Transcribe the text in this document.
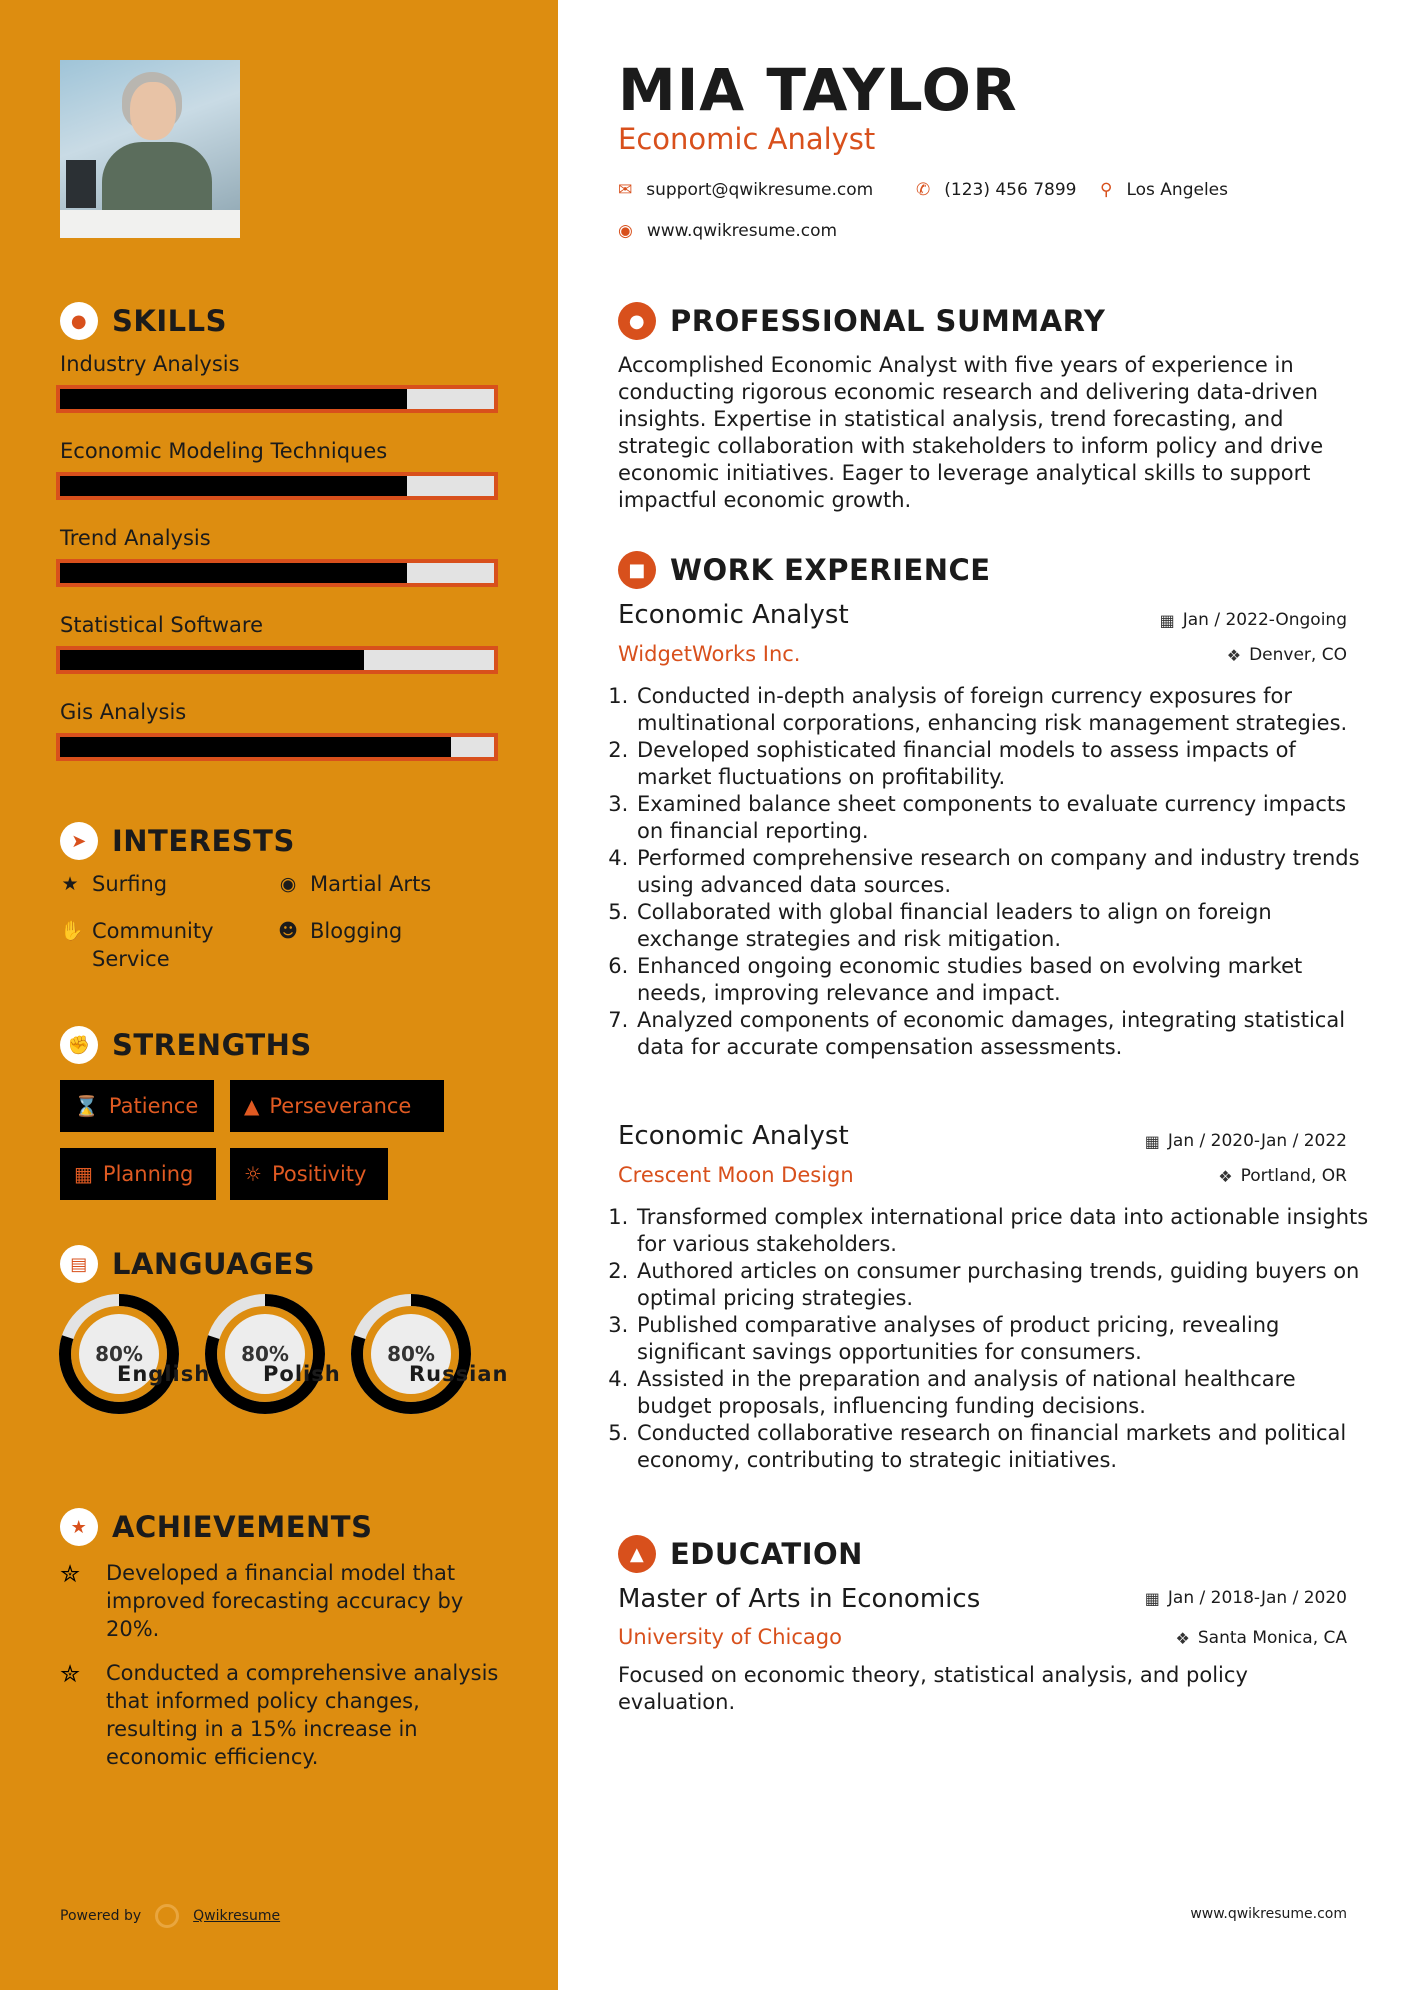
● SKILLS
Industry Analysis
Economic Modeling Techniques
Trend Analysis
Statistical Software
Gis Analysis
➤ INTERESTS
★ Surfing	◉ Martial Arts
✋ Community Service
☻ Blogging
✊ STRENGTHS
⌛ Patience ▲ Perseverance
▦ Planning	☼ Positivity
▤ LANGUAGES
80%
English
80%
Polish
80%
Russian
★ ACHIEVEMENTS
✮	Developed a financial model that improved forecasting accuracy by 20%.
✮	Conducted a comprehensive analysis that informed policy changes, resulting in a 15% increase in economic efficiency.
Powered by	Qwikresume
MIA TAYLOR
Economic Analyst
✉ support@qwikresume.com	✆ (123) 456 7899 ⚲ Los Angeles
◉ www.qwikresume.com
● PROFESSIONAL SUMMARY
Accomplished Economic Analyst with five years of experience in conducting rigorous economic research and delivering data-driven insights. Expertise in statistical analysis, trend forecasting, and strategic collaboration with stakeholders to inform policy and drive economic initiatives. Eager to leverage analytical skills to support impactful economic growth.
■ WORK EXPERIENCE
Economic Analyst	▦ Jan / 2022-Ongoing
WidgetWorks Inc.	❖ Denver, CO
1. Conducted in-depth analysis of foreign currency exposures for multinational corporations, enhancing risk management strategies.
2. Developed sophisticated financial models to assess impacts of market fluctuations on profitability.
3. Examined balance sheet components to evaluate currency impacts on financial reporting.
4. Performed comprehensive research on company and industry trends using advanced data sources.
5. Collaborated with global financial leaders to align on foreign exchange strategies and risk mitigation.
6. Enhanced ongoing economic studies based on evolving market needs, improving relevance and impact.
7. Analyzed components of economic damages, integrating statistical data for accurate compensation assessments.
Economic Analyst	▦ Jan / 2020-Jan / 2022
Crescent Moon Design	❖ Portland, OR
1. Transformed complex international price data into actionable insights for various stakeholders.
2. Authored articles on consumer purchasing trends, guiding buyers on optimal pricing strategies.
3. Published comparative analyses of product pricing, revealing significant savings opportunities for consumers.
4. Assisted in the preparation and analysis of national healthcare budget proposals, influencing funding decisions.
5. Conducted collaborative research on financial markets and political economy, contributing to strategic initiatives.
▲ EDUCATION
Master of Arts in Economics	▦ Jan / 2018-Jan / 2020
University of Chicago	❖ Santa Monica, CA
Focused on economic theory, statistical analysis, and policy evaluation.
www.qwikresume.com
